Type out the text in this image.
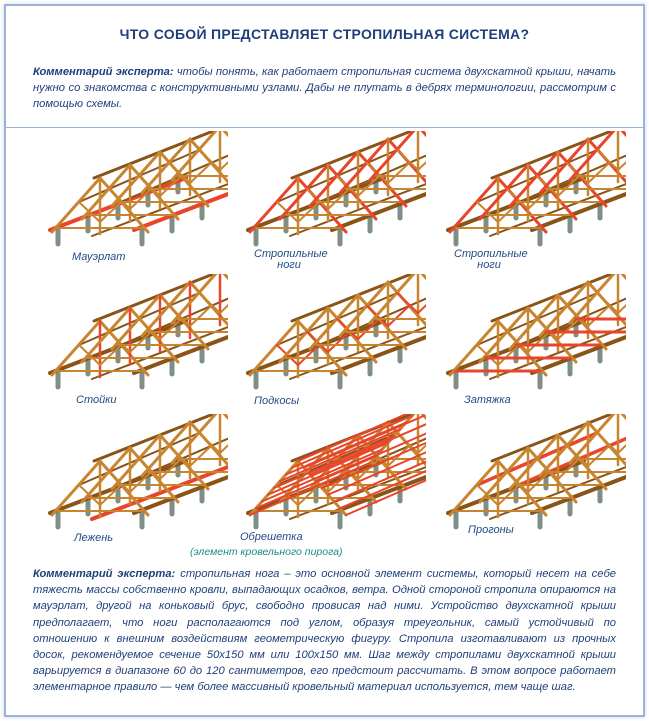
ЧТО СОБОЙ ПРЕДСТАВЛЯЕТ СТРОПИЛЬНАЯ СИСТЕМА?
Комментарий эксперта: чтобы понять, как работает стропильная система двухскатной крыши, начать нужно со знакомства с конструктивными узлами. Дабы не плутать в дебрях терминологии, рассмотрим с помощью схемы.
Мауэрлат	Стропильные ноги
Стропильные ноги
Стойки	Подкосы	Затяжка
Лежень	Обрешетка
(элемент кровельного пирога)
Прогоны
Комментарий эксперта: стропильная нога – это основной элемент системы, который несет на себе тяжесть массы собственно кровли, выпадающих осадков, ветра. Одной стороной стропила опираются на мауэрлат, другой на коньковый брус, свободно провисая над ними. Устройство двухскатной крыши предполагает, что ноги располагаются под углом, образуя треугольник, самый устойчивый по отношению к внешним воздействиям геометрическую фигуру. Стропила изготавливают из прочных досок, рекомендуемое сечение 50х150 мм или 100х150 мм. Шаг между стропилами двухскатной крыши варьируется в диапазоне 60 до 120 сантиметров, его предстоит рассчитать. В этом вопросе работает элементарное правило — чем более массивный кровельный материал используется, тем чаще шаг.
